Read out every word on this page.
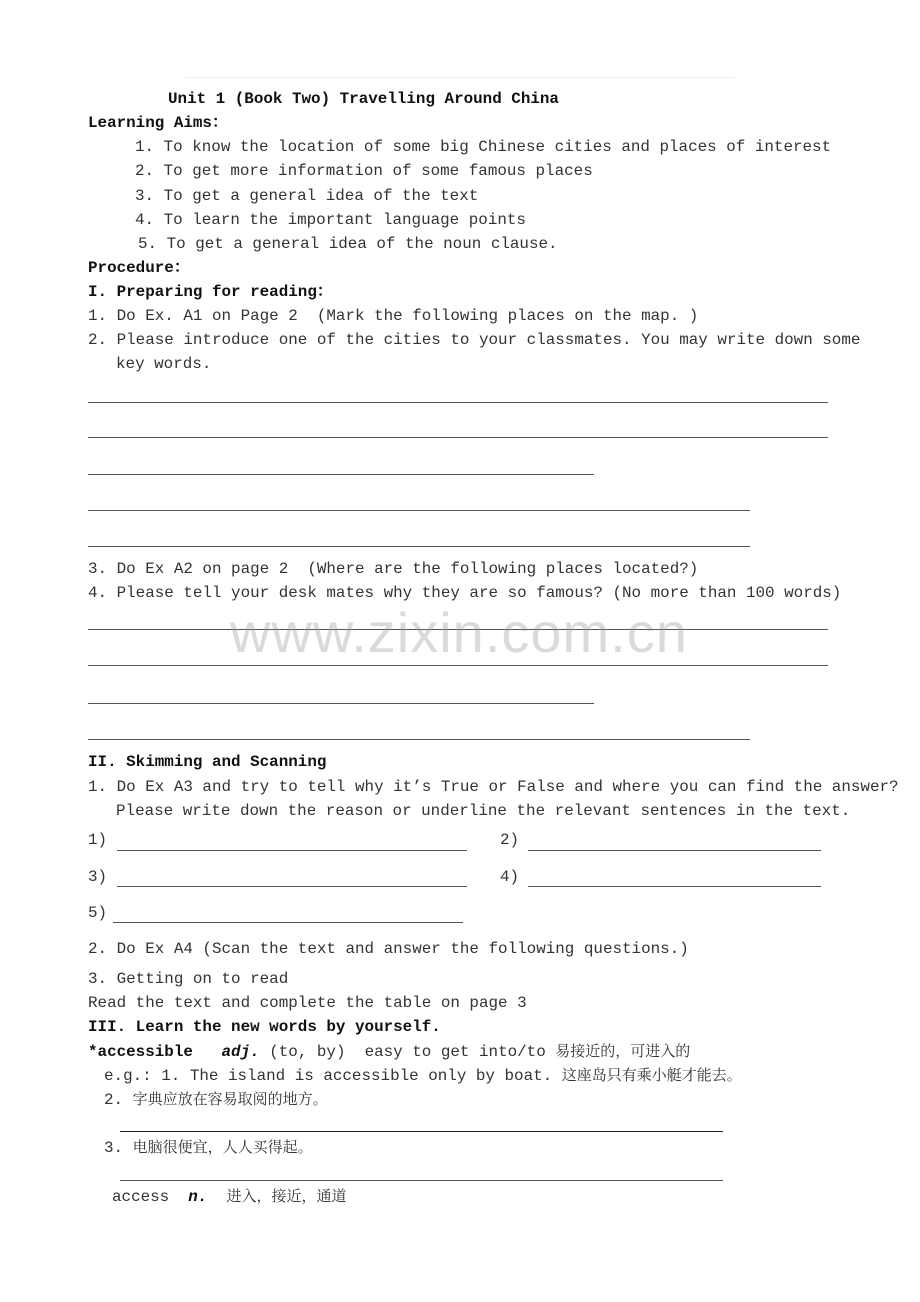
Unit 1 (Book Two) Travelling Around China
Learning Aims：
1. To know the location of some big Chinese cities and places of interest
2. To get more information of some famous places
3. To get a general idea of the text
4. To learn the important language points
5. To get a general idea of the noun clause.
Procedure：
I. Preparing for reading：
1. Do Ex. A1 on Page 2  (Mark the following places on the map. )
2. Please introduce one of the cities to your classmates. You may write down some
key words.
3. Do Ex A2 on page 2  (Where are the following places located?)
4. Please tell your desk mates why they are so famous? (No more than 100 words)
www.zixin.com.cn
II. Skimming and Scanning
1. Do Ex A3 and try to tell why it’s True or False and where you can find the answer?
Please write down the reason or underline the relevant sentences in the text.
1)	2)
3)	4)
5)
2. Do Ex A4 (Scan the text and answer the following questions.)
3. Getting on to read
Read the text and complete the table on page 3
III. Learn the new words by yourself.
*accessible adj. (to, by)  easy to get into/to 易接近的，可进入的
e.g.: 1. The island is accessible only by boat. 这座岛只有乘小艇才能去。
2. 字典应放在容易取阅的地方。
3. 电脑很便宜，人人买得起。
access n. 进入，接近，通道
